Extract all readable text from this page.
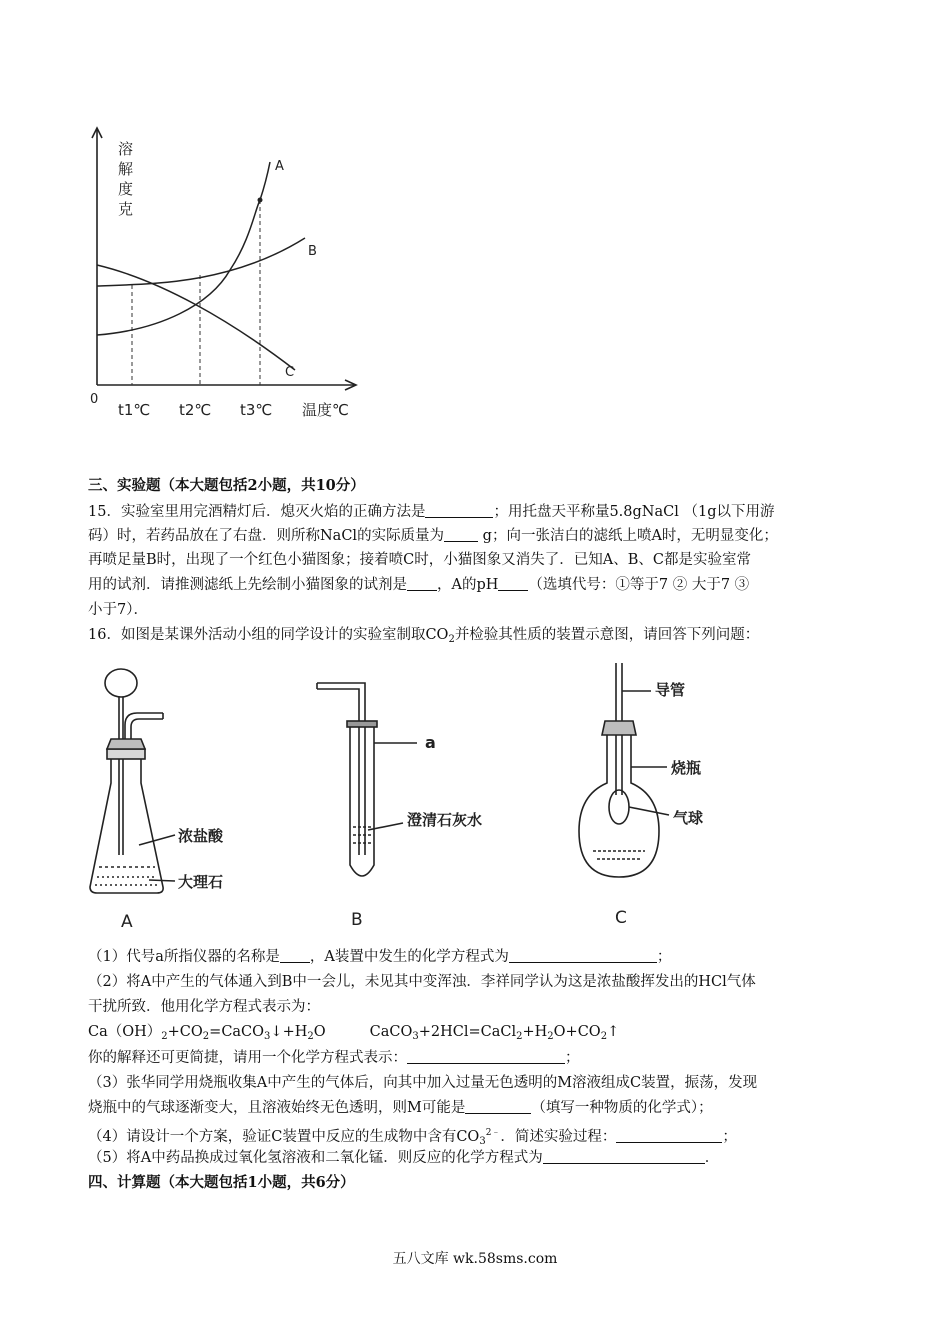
溶
解
度
克
0
t1℃ t2℃ t3℃ 温度℃
A
B
C
三、实验题（本大题包括2小题，共10分）
15．实验室里用完酒精灯后．熄灭火焰的正确方法是	；用托盘天平称量5.8gNaCl （1g以下用游
码）时，若药品放在了右盘．则所称NaCl的实际质量为 g；向一张洁白的滤纸上喷A时，无明显变化；
再喷足量B时，出现了一个红色小猫图象；接着喷C时，小猫图象又消失了．已知A、B、C都是实验室常
用的试剂．请推测滤纸上先绘制小猫图象的试剂是 ，A的pH （选填代号：①等于7 ② 大于7 ③
小于7）．
16．如图是某课外活动小组的同学设计的实验室制取$CO_2$并检验其性质的装置示意图，请回答下列问题：
浓盐酸
大理石
A
a
澄清石灰水
B
导管
烧瓶
气球
C
（1）代号a所指仪器的名称是 ，A装置中发生的化学方程式为	；
（2）将A中产生的气体通入到B中一会儿，未见其中变浑浊．李祥同学认为这是浓盐酸挥发出的HCl气体
干扰所致．他用化学方程式表示为：
$Ca(OH)_2+CO_2=CaCO_3↓+H_2O$	$CaCO_3+2HCl=CaCl_2+H_2O+CO_2↑$
你的解释还可更简捷，请用一个化学方程式表示：	；
（3）张华同学用烧瓶收集A中产生的气体后，向其中加入过量无色透明的M溶液组成C装置，振荡，发现
烧瓶中的气球逐渐变大，且溶液始终无色透明，则M可能是	（填写一种物质的化学式）；
（4）请设计一个方案，验证C装置中反应的生成物中含有$CO_3^{2﹣}$．简述实验过程：	；
（5）将A中药品换成过氧化氢溶液和二氧化锰．则反应的化学方程式为	．
四、计算题（本大题包括1小题，共6分）
五八文库 wk.58sms.com
